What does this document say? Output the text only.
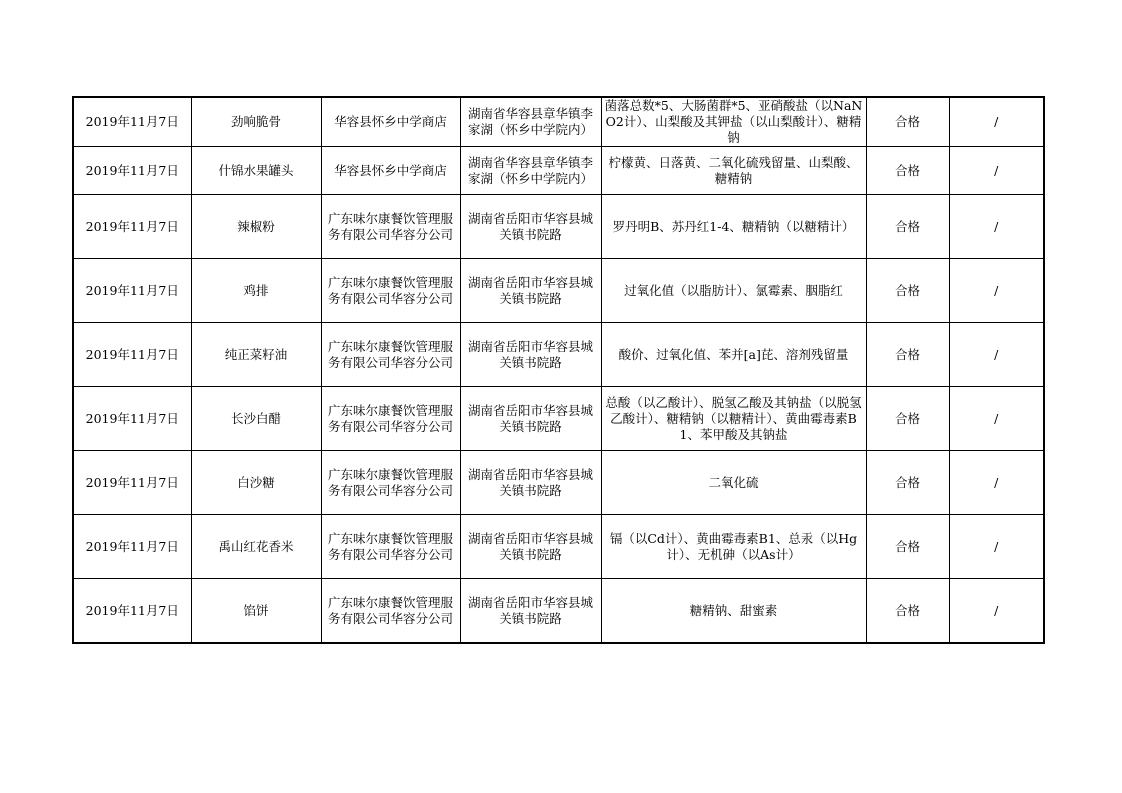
2019年11月7日	劲响脆骨	华容县怀乡中学商店	湖南省华容县章华镇李家湖（怀乡中学院内）	菌落总数*5、大肠菌群*5、亚硝酸盐（以NaNO2计）、山梨酸及其钾盐（以山梨酸计）、糖精钠	合格	/
2019年11月7日	什锦水果罐头	华容县怀乡中学商店	湖南省华容县章华镇李家湖（怀乡中学院内）	柠檬黄、日落黄、二氧化硫残留量、山梨酸、糖精钠	合格	/
2019年11月7日	辣椒粉	广东味尔康餐饮管理服务有限公司华容分公司	湖南省岳阳市华容县城关镇书院路	罗丹明B、苏丹红1-4、糖精钠（以糖精计）	合格	/
2019年11月7日	鸡排	广东味尔康餐饮管理服务有限公司华容分公司	湖南省岳阳市华容县城关镇书院路	过氧化值（以脂肪计）、氯霉素、胭脂红	合格	/
2019年11月7日	纯正菜籽油	广东味尔康餐饮管理服务有限公司华容分公司	湖南省岳阳市华容县城关镇书院路	酸价、过氧化值、苯并[a]芘、溶剂残留量	合格	/
2019年11月7日	长沙白醋	广东味尔康餐饮管理服务有限公司华容分公司	湖南省岳阳市华容县城关镇书院路	总酸（以乙酸计）、脱氢乙酸及其钠盐（以脱氢乙酸计）、糖精钠（以糖精计）、黄曲霉毒素B1、苯甲酸及其钠盐	合格	/
2019年11月7日	白沙糖	广东味尔康餐饮管理服务有限公司华容分公司	湖南省岳阳市华容县城关镇书院路	二氧化硫	合格	/
2019年11月7日	禹山红花香米	广东味尔康餐饮管理服务有限公司华容分公司	湖南省岳阳市华容县城关镇书院路	镉（以Cd计）、黄曲霉毒素B1、总汞（以Hg计）、无机砷（以As计）	合格	/
2019年11月7日	馅饼	广东味尔康餐饮管理服务有限公司华容分公司	湖南省岳阳市华容县城关镇书院路	糖精钠、甜蜜素	合格	/
